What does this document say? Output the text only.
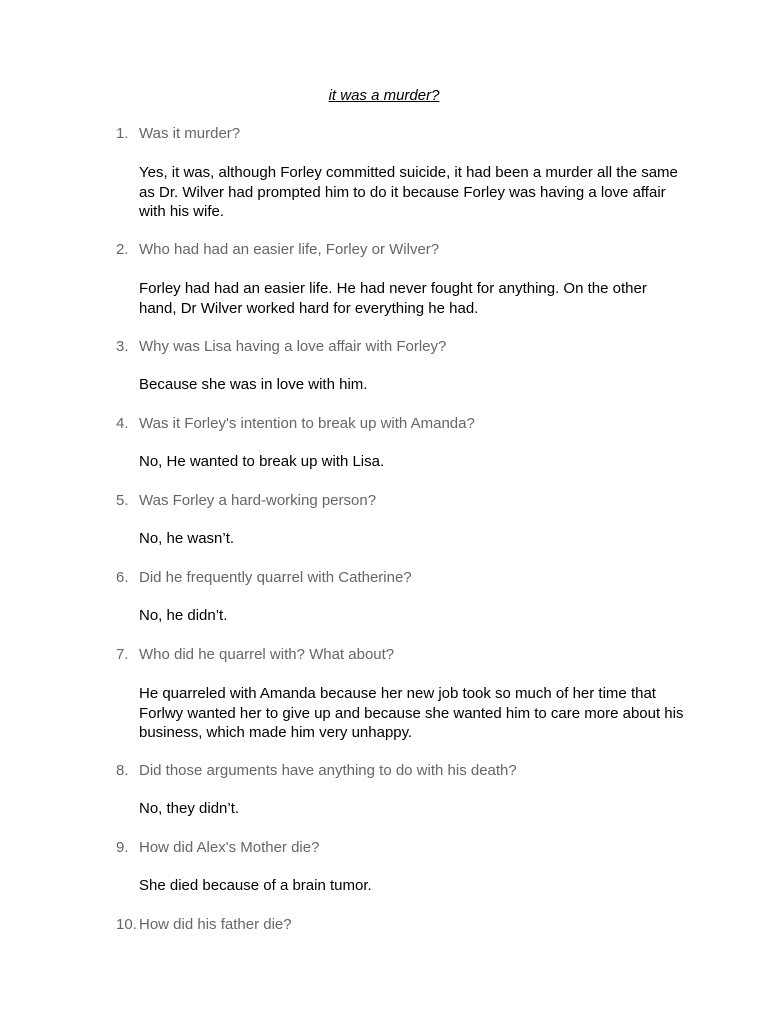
it was a murder?
1. Was it murder?
Yes, it was, although Forley committed suicide, it had been a murder all the same as Dr. Wilver had prompted him to do it because Forley was having a love affair with his wife.
2. Who had had an easier life, Forley or Wilver?
Forley had had an easier life. He had never fought for anything. On the other hand, Dr Wilver worked hard for everything he had.
3. Why was Lisa having a love affair with Forley?
Because she was in love with him.
4. Was it Forley's intention to break up with Amanda?
No, He wanted to break up with Lisa.
5. Was Forley a hard-working person?
No, he wasn’t.
6. Did he frequently quarrel with Catherine?
No, he didn’t.
7. Who did he quarrel with? What about?
He quarreled with Amanda because her new job took so much of her time that Forlwy wanted her to give up and because she wanted him to care more about his business, which made him very unhappy.
8. Did those arguments have anything to do with his death?
No, they didn’t.
9. How did Alex's Mother die?
She died because of a brain tumor.
10. How did his father die?
